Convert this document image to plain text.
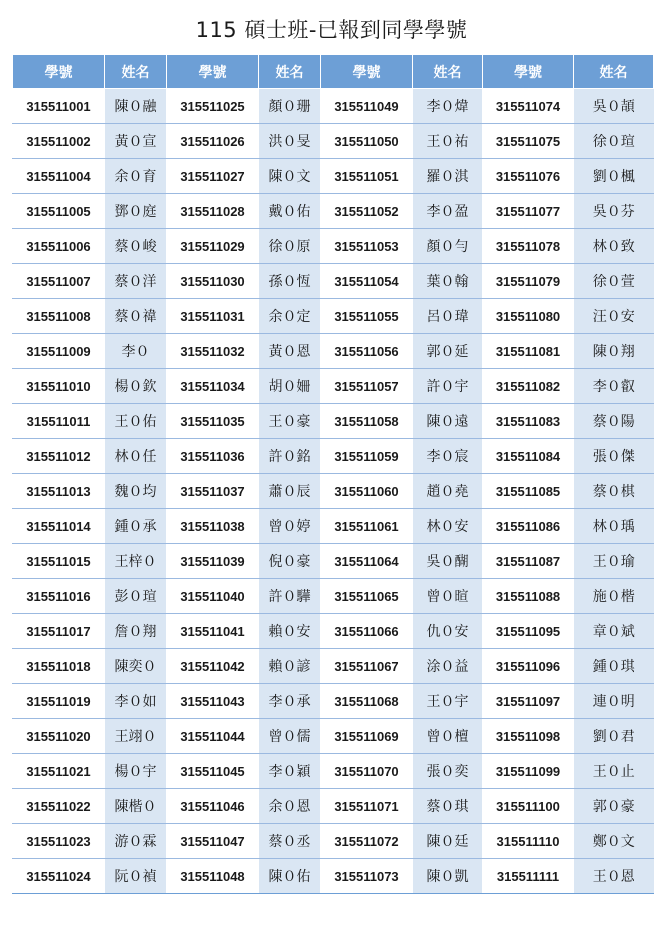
115 碩士班-已報到同學學號
學號	姓名	學號	姓名	學號	姓名	學號	姓名
315511001	陳０融	315511025	顏０珊	315511049	李０煒	315511074	吳０頡
315511002	黃０宣	315511026	洪０旻	315511050	王０祐	315511075	徐０瑄
315511004	余０育	315511027	陳０文	315511051	羅０淇	315511076	劉０楓
315511005	鄧０庭	315511028	戴０佑	315511052	李０盈	315511077	吳０芬
315511006	蔡０峻	315511029	徐０原	315511053	顏０勻	315511078	林０致
315511007	蔡０洋	315511030	孫０恆	315511054	葉０翰	315511079	徐０萱
315511008	蔡０禕	315511031	余０定	315511055	呂０瑋	315511080	汪０安
315511009	李０	315511032	黃０恩	315511056	郭０延	315511081	陳０翔
315511010	楊０欽	315511034	胡０姍	315511057	許０宇	315511082	李０叡
315511011	王０佑	315511035	王０豪	315511058	陳０遠	315511083	蔡０陽
315511012	林０任	315511036	許０銘	315511059	李０宸	315511084	張０傑
315511013	魏０均	315511037	蕭０辰	315511060	趙０堯	315511085	蔡０棋
315511014	鍾０承	315511038	曾０婷	315511061	林０安	315511086	林０瑀
315511015	王梓０	315511039	倪０豪	315511064	吳０醐	315511087	王０瑜
315511016	彭０瑄	315511040	許０驊	315511065	曾０暄	315511088	施０楷
315511017	詹０翔	315511041	賴０安	315511066	仇０安	315511095	章０斌
315511018	陳奕０	315511042	賴０諺	315511067	涂０益	315511096	鍾０琪
315511019	李０如	315511043	李０承	315511068	王０宇	315511097	連０明
315511020	王翊０	315511044	曾０儒	315511069	曾０檀	315511098	劉０君
315511021	楊０宇	315511045	李０穎	315511070	張０奕	315511099	王０止
315511022	陳楷０	315511046	余０恩	315511071	蔡０琪	315511100	郭０豪
315511023	游０霖	315511047	蔡０丞	315511072	陳０廷	315511110	鄭０文
315511024	阮０禎	315511048	陳０佑	315511073	陳０凱	315511111	王０恩
